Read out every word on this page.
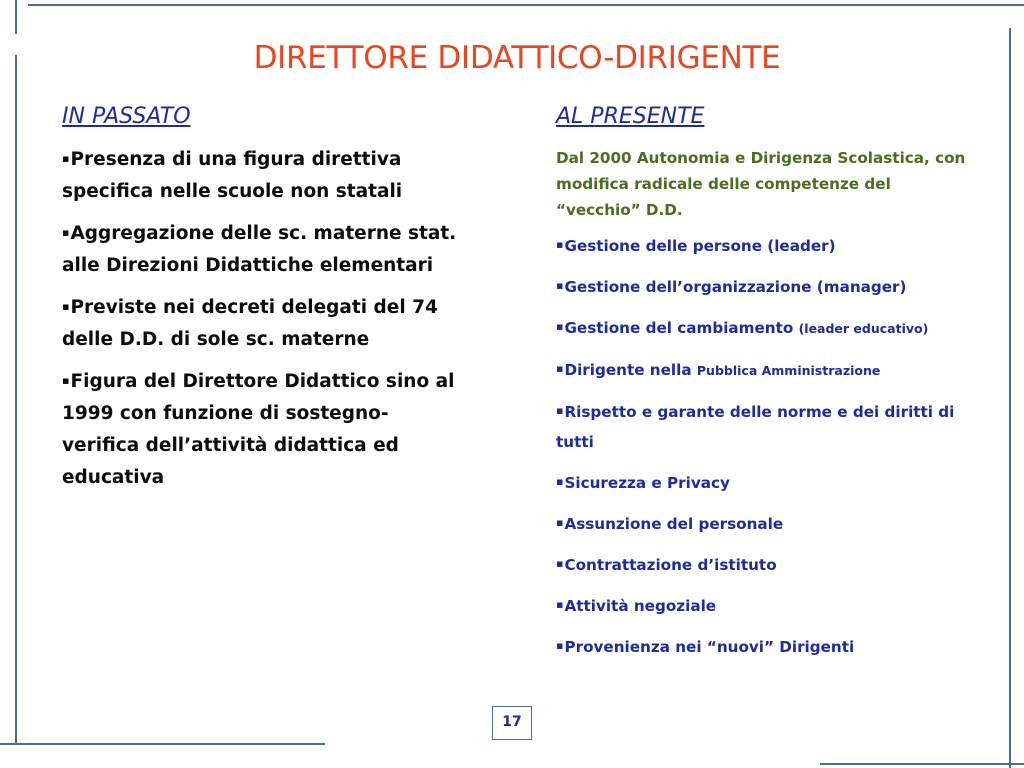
DIRETTORE DIDATTICO-DIRIGENTE
IN PASSATO
▪Presenza di una figura direttiva specifica nelle scuole non statali
▪Aggregazione delle sc. materne stat. alle Direzioni Didattiche elementari
▪Previste nei decreti delegati del 74 delle D.D. di sole sc. materne
▪Figura del Direttore Didattico sino al 1999 con funzione di sostegno-verifica dell’attività didattica ed educativa
AL PRESENTE
Dal 2000 Autonomia e Dirigenza Scolastica, con modifica radicale delle competenze del “vecchio” D.D.
▪Gestione delle persone (leader)
▪Gestione dell’organizzazione (manager)
▪Gestione del cambiamento (leader educativo)
▪Dirigente nella Pubblica Amministrazione
▪Rispetto e garante delle norme e dei diritti di tutti
▪Sicurezza e Privacy
▪Assunzione del personale
▪Contrattazione d’istituto
▪Attività negoziale
▪Provenienza nei “nuovi” Dirigenti
17
